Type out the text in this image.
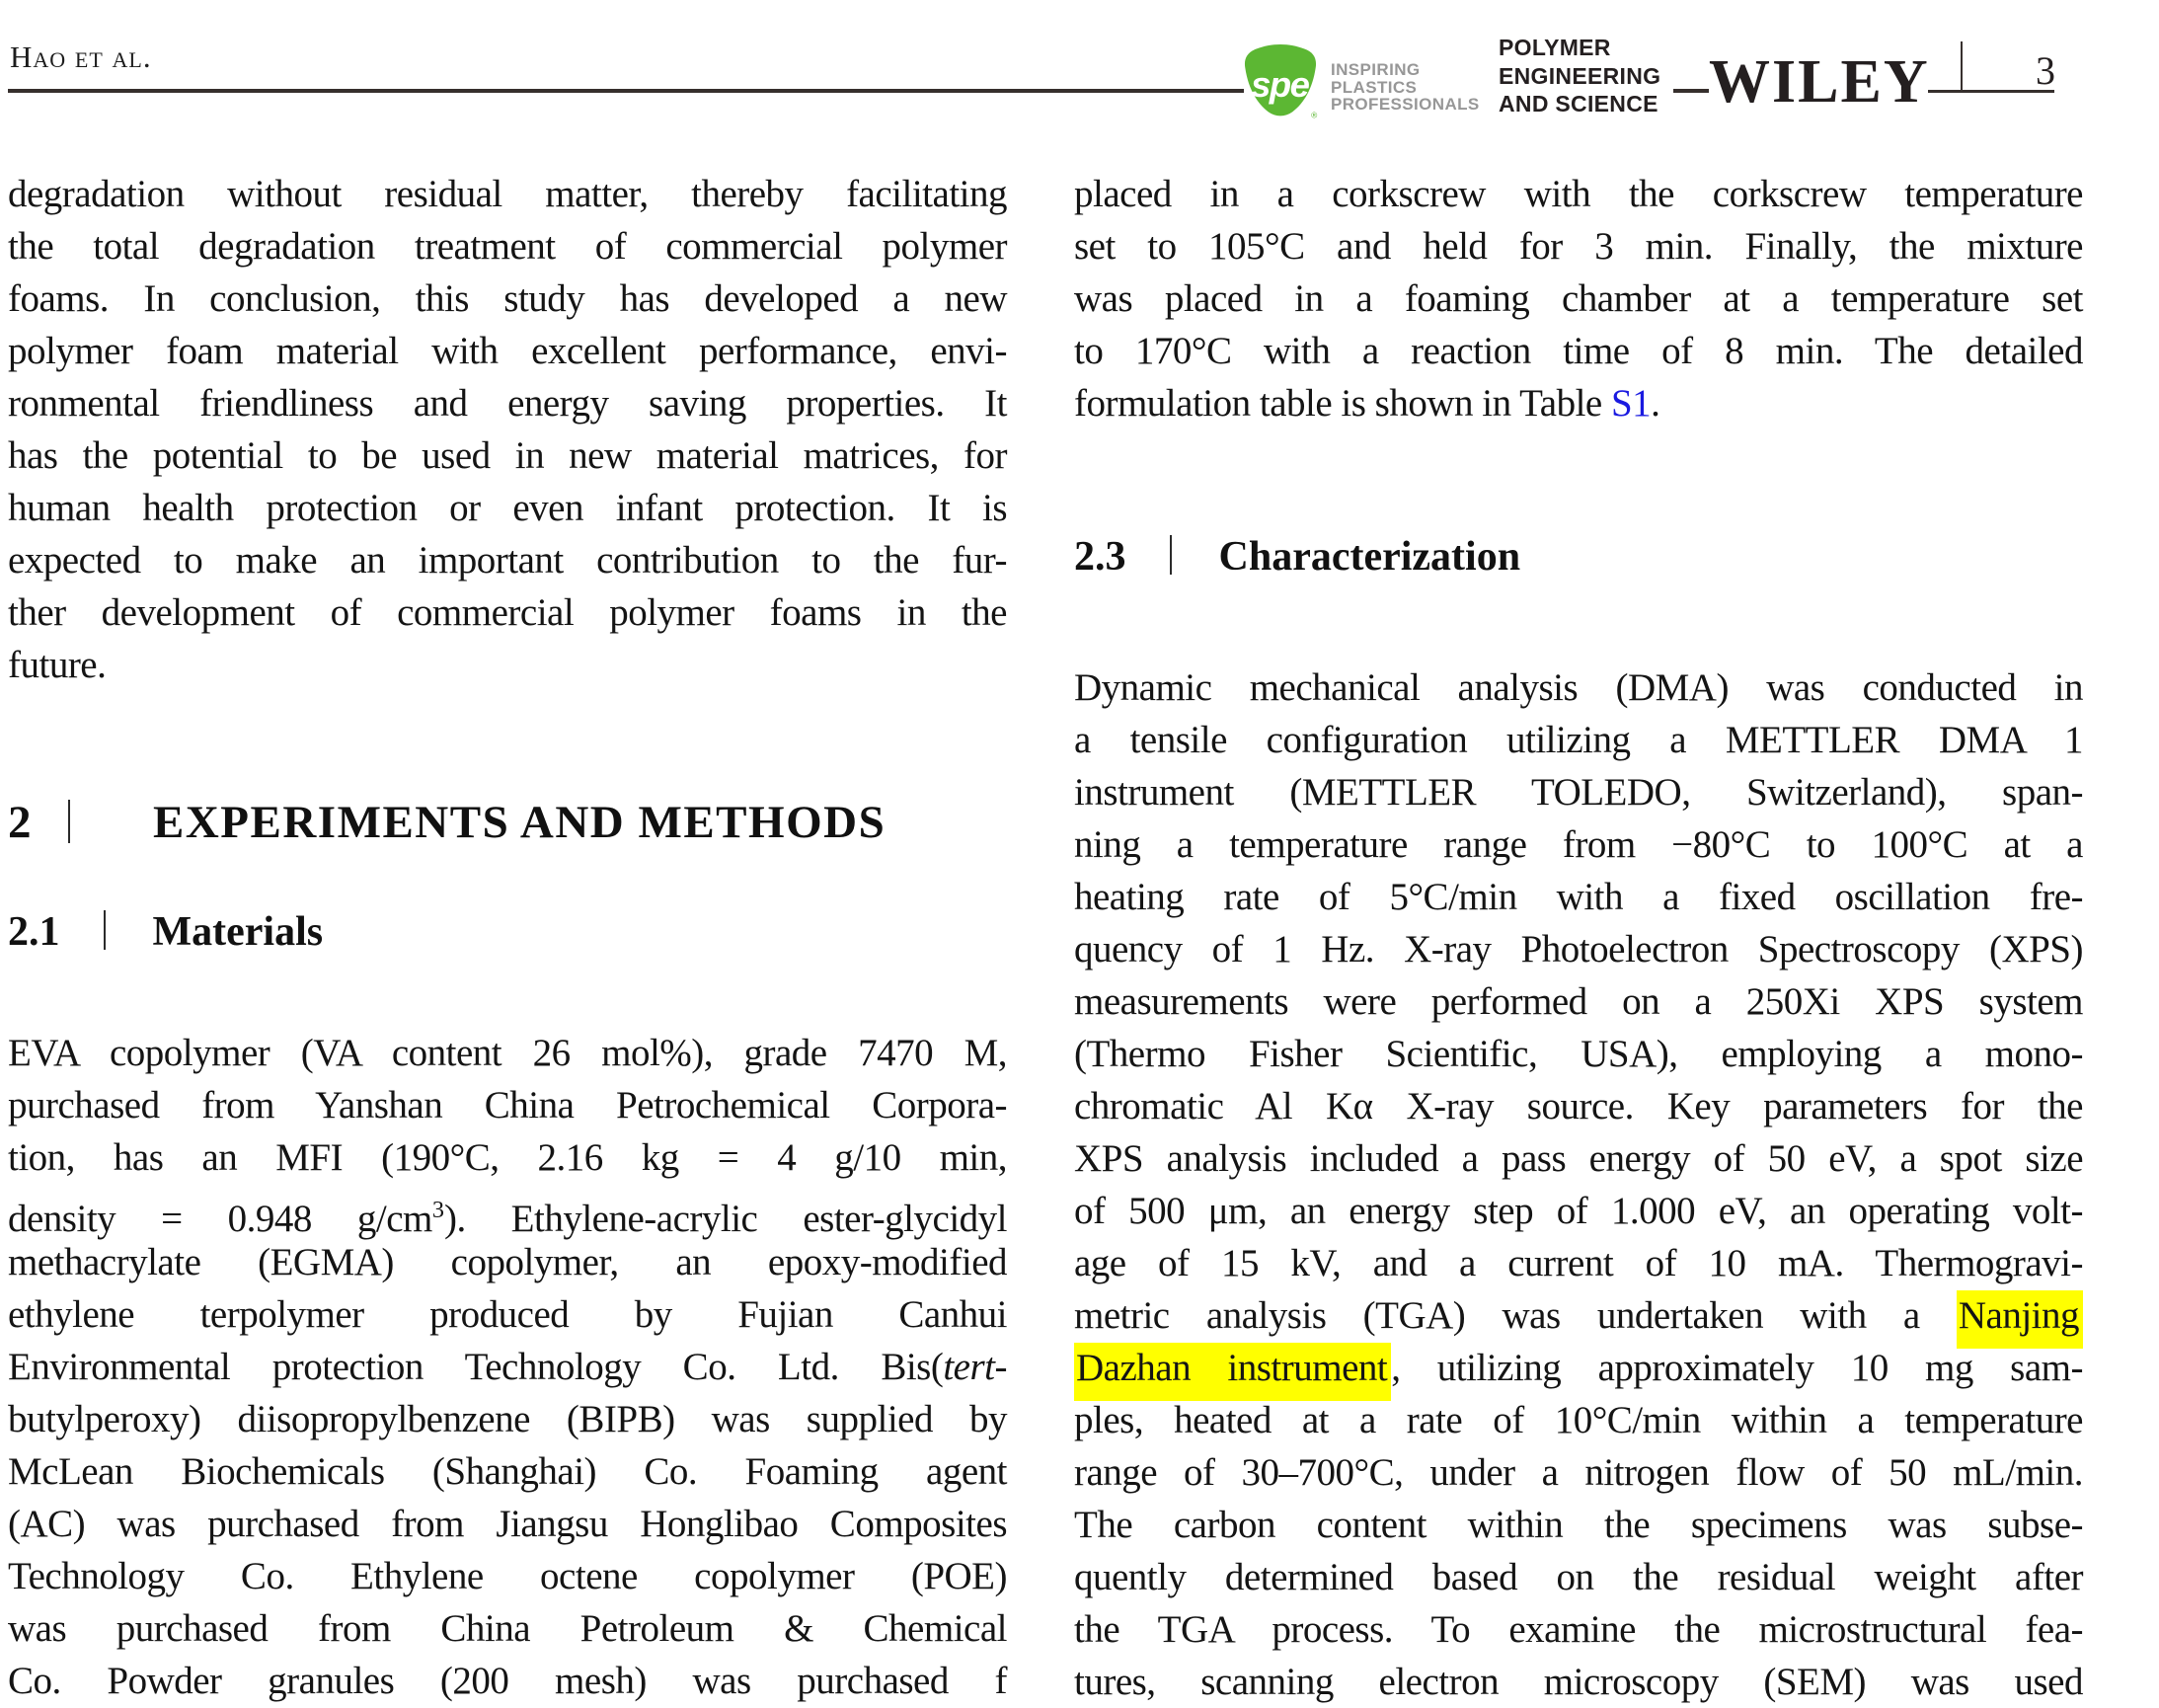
Hao et al.
spe
®
INSPIRING
PLASTICS
PROFESSIONALS
POLYMER
ENGINEERING
AND SCIENCE WILEY	3
degradation without residual matter, thereby facilitating
the total degradation treatment of commercial polymer
foams. In conclusion, this study has developed a new
polymer foam material with excellent performance, envi-
ronmental friendliness and energy saving properties. It
has the potential to be used in new material matrices, for
human health protection or even infant protection. It is
expected to make an important contribution to the fur-
ther development of commercial polymer foams in the
future.
2	EXPERIMENTS AND METHODS
2.1 Materials
EVA copolymer (VA content 26 mol%), grade 7470 M,
purchased from Yanshan China Petrochemical Corpora-
tion, has an MFI (190°C, 2.16 kg = 4 g/10 min,
density = 0.948 $g/cm^3$). Ethylene-acrylic ester-glycidyl
methacrylate (EGMA) copolymer, an epoxy-modified
ethylene terpolymer produced by Fujian Canhui
Environmental protection Technology Co. Ltd. Bis(tert-
butylperoxy) diisopropylbenzene (BIPB) was supplied by
McLean Biochemicals (Shanghai) Co. Foaming agent
(AC) was purchased from Jiangsu Honglibao Composites
Technology Co. Ethylene octene copolymer (POE)
was purchased from China Petroleum & Chemical
Co. Powder granules (200 mesh) was purchased f
placed in a corkscrew with the corkscrew temperature
set to 105°C and held for 3 min. Finally, the mixture
was placed in a foaming chamber at a temperature set
to 170°C with a reaction time of 8 min. The detailed
formulation table is shown in Table S1.
2.3 Characterization
Dynamic mechanical analysis (DMA) was conducted in
a tensile configuration utilizing a METTLER DMA 1
instrument (METTLER TOLEDO, Switzerland), span-
ning a temperature range from −80°C to 100°C at a
heating rate of 5°C/min with a fixed oscillation fre-
quency of 1 Hz. X-ray Photoelectron Spectroscopy (XPS)
measurements were performed on a 250Xi XPS system
(Thermo Fisher Scientific, USA), employing a mono-
chromatic Al Kα X-ray source. Key parameters for the
XPS analysis included a pass energy of 50 eV, a spot size
of 500 μm, an energy step of 1.000 eV, an operating volt-
age of 15 kV, and a current of 10 mA. Thermogravi-
metric analysis (TGA) was undertaken with a Nanjing
Dazhan instrument , utilizing approximately 10 mg sam-
ples, heated at a rate of 10°C/min within a temperature
range of 30–700°C, under a nitrogen flow of 50 mL/min.
The carbon content within the specimens was subse-
quently determined based on the residual weight after
the TGA process. To examine the microstructural fea-
tures, scanning electron microscopy (SEM) was used
